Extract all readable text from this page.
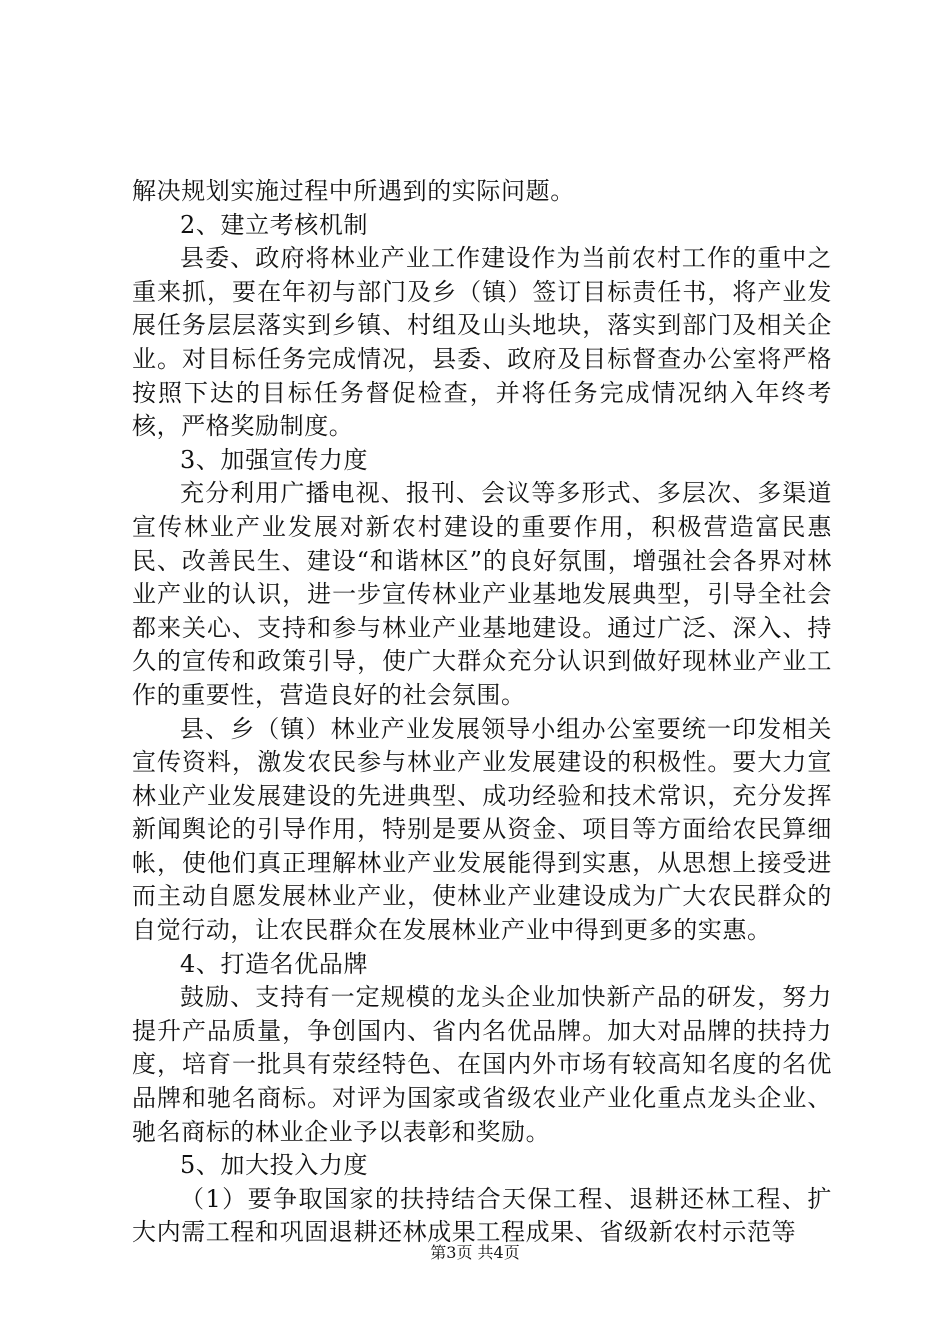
解决规划实施过程中所遇到的实际问题。

2、建立考核机制

县委、政府将林业产业工作建设作为当前农村工作的重中之重来抓，要在年初与部门及乡（镇）签订目标责任书，将产业发展任务层层落实到乡镇、村组及山头地块，落实到部门及相关企业。对目标任务完成情况，县委、政府及目标督查办公室将严格按照下达的目标任务督促检查，并将任务完成情况纳入年终考核，严格奖励制度。

3、加强宣传力度

充分利用广播电视、报刊、会议等多形式、多层次、多渠道宣传林业产业发展对新农村建设的重要作用，积极营造富民惠民、改善民生、建设“和谐林区”的良好氛围，增强社会各界对林业产业的认识，进一步宣传林业产业基地发展典型，引导全社会都来关心、支持和参与林业产业基地建设。通过广泛、深入、持久的宣传和政策引导，使广大群众充分认识到做好现林业产业工作的重要性，营造良好的社会氛围。

县、乡（镇）林业产业发展领导小组办公室要统一印发相关宣传资料，激发农民参与林业产业发展建设的积极性。要大力宣林业产业发展建设的先进典型、成功经验和技术常识，充分发挥新闻舆论的引导作用，特别是要从资金、项目等方面给农民算细帐，使他们真正理解林业产业发展能得到实惠，从思想上接受进而主动自愿发展林业产业，使林业产业建设成为广大农民群众的自觉行动，让农民群众在发展林业产业中得到更多的实惠。

4、打造名优品牌

鼓励、支持有一定规模的龙头企业加快新产品的研发，努力提升产品质量，争创国内、省内名优品牌。加大对品牌的扶持力度，培育一批具有荥经特色、在国内外市场有较高知名度的名优品牌和驰名商标。对评为国家或省级农业产业化重点龙头企业、驰名商标的林业企业予以表彰和奖励。

5、加大投入力度

（1）要争取国家的扶持结合天保工程、退耕还林工程、扩大内需工程和巩固退耕还林成果工程成果、省级新农村示范等

第3页 共4页
